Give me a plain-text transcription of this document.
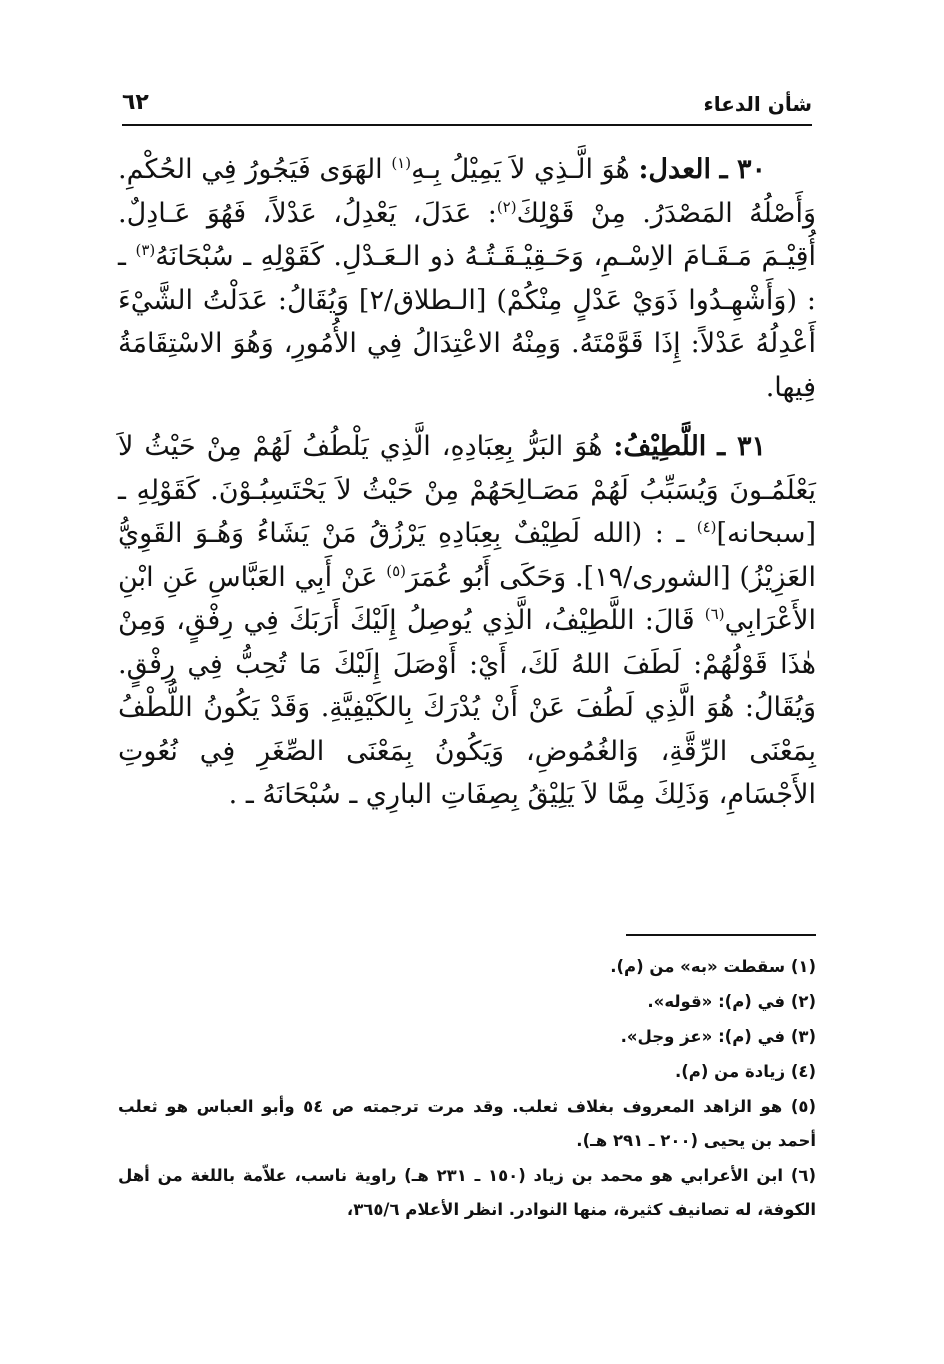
شأن الدعاء
٦٢

٣٠ ـ العدل: هُوَ الَّـذِي لاَ يَمِيْلُ بِـهِ$^{(١)}$ الهَوَى فَيَجُورُ فِي الحُكْمِ. وَأَصْلُهُ المَصْدَرُ. مِنْ قَوْلِكَ$^{(٢)}$: عَدَلَ، يَعْدِلُ، عَدْلاً، فَهُوَ عَـادِلٌ. أُقِيْـمَ مَـقَـامَ الاِسْـمِ، وَحَـقِيْـقَـتُـهُ ذو الـعَـدْلِ. كَقَوْلِهِ ـ سُبْحَانَهُ$^{(٣)}$ ـ : (وَأَشْهِـدُوا ذَوَيْ عَدْلٍ مِنْكُمْ) [الـطلاق/٢] وَيُقَالُ: عَدَلْتُ الشَّيْءَ أَعْدِلُهُ عَدْلاً: إِذَا قَوَّمْتَهُ. وَمِنْهُ الاعْتِدَالُ فِي الأُمُورِ، وَهُوَ الاسْتِقَامَةُ فِيها.

٣١ ـ اللَّطِيْفُ: هُوَ البَرُّ بِعِبَادِهِ، الَّذِي يَلْطُفُ لَهُمْ مِنْ حَيْثُ لاَ يَعْلَمُـونَ وَيُسَبِّبُ لَهُمْ مَصَـالِحَهُمْ مِنْ حَيْثُ لاَ يَحْتَسِبُـوْنَ. كَقَوْلِهِ ـ [سبحانه]$^{(٤)}$ ـ : (الله لَطِيْفٌ بِعِبَادِهِ يَرْزُقُ مَنْ يَشَاءُ وَهُـوَ القَوِيُّ العَزِيْزُ) [الشورى/١٩]. وَحَكَى أَبُو عُمَرَ$^{(٥)}$ عَنْ أَبِي العَبَّاسِ عَنِ ابْنِ الأَعْرَابِي$^{(٦)}$ قَالَ: اللَّطِيْفُ، الَّذِي يُوصِلُ إِلَيْكَ أَرَبَكَ فِي رِفْقٍ، وَمِنْ هٰذَا قَوْلُهُمْ: لَطَفَ اللهُ لَكَ، أَيْ: أَوْصَلَ إِلَيْكَ مَا تُحِبُّ فِي رِفْقٍ. وَيُقَالُ: هُوَ الَّذِي لَطُفَ عَنْ أَنْ يُدْرَكَ بِالكَيْفِيَّةِ. وَقَدْ يَكُونُ اللُّطْفُ بِمَعْنَى الرِّقَّةِ، وَالغُمُوضِ، وَيَكُونُ بِمَعْنَى الصِّغَرِ فِي نُعُوتِ الأَجْسَامِ، وَذَلِكَ مِمَّا لاَ يَلِيْقُ بِصِفَاتِ البارِي ـ سُبْحَانَهُ ـ .

(١) سقطت «به» من (م).

(٢) في (م): «قوله».

(٣) في (م): «عز وجل».

(٤) زيادة من (م).

(٥) هو الزاهد المعروف بغلاف ثعلب. وقد مرت ترجمته ص ٥٤ وأبو العباس هو ثعلب أحمد بن يحيى (٢٠٠ ـ ٢٩١ هـ).

(٦) ابن الأعرابي هو محمد بن زياد (١٥٠ ـ ٢٣١ هـ) راوية ناسب، علاّمة باللغة من أهل الكوفة، له تصانيف كثيرة، منها النوادر. انظر الأعلام ٣٦٥/٦،
